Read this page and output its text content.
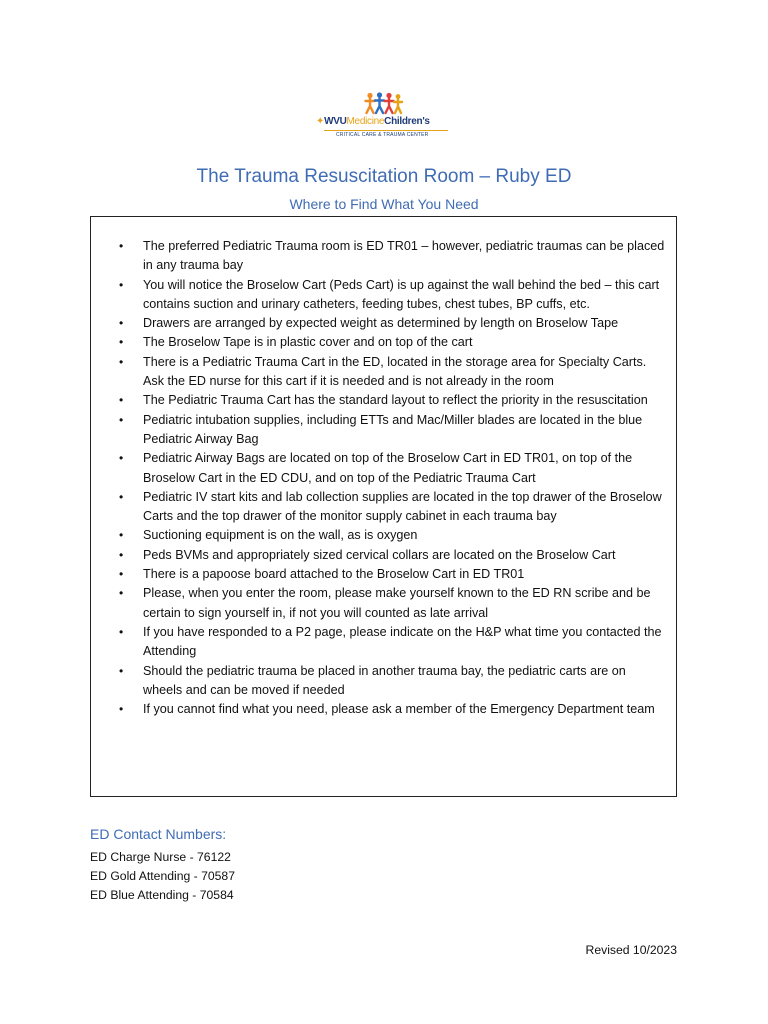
✦WVUMedicineChildren's
CRITICAL CARE & TRAUMA CENTER
The Trauma Resuscitation Room – Ruby ED
Where to Find What You Need
• The preferred Pediatric Trauma room is ED TR01 – however, pediatric traumas can be placed in any trauma bay
• You will notice the Broselow Cart (Peds Cart) is up against the wall behind the bed – this cart contains suction and urinary catheters, feeding tubes, chest tubes, BP cuffs, etc.
• Drawers are arranged by expected weight as determined by length on Broselow Tape
• The Broselow Tape is in plastic cover and on top of the cart
• There is a Pediatric Trauma Cart in the ED, located in the storage area for Specialty Carts. Ask the ED nurse for this cart if it is needed and is not already in the room
• The Pediatric Trauma Cart has the standard layout to reflect the priority in the resuscitation
• Pediatric intubation supplies, including ETTs and Mac/Miller blades are located in the blue Pediatric Airway Bag
• Pediatric Airway Bags are located on top of the Broselow Cart in ED TR01, on top of the Broselow Cart in the ED CDU, and on top of the Pediatric Trauma Cart
• Pediatric IV start kits and lab collection supplies are located in the top drawer of the Broselow Carts and the top drawer of the monitor supply cabinet in each trauma bay
• Suctioning equipment is on the wall, as is oxygen
• Peds BVMs and appropriately sized cervical collars are located on the Broselow Cart
• There is a papoose board attached to the Broselow Cart in ED TR01
• Please, when you enter the room, please make yourself known to the ED RN scribe and be certain to sign yourself in, if not you will counted as late arrival
• If you have responded to a P2 page, please indicate on the H&P what time you contacted the Attending
• Should the pediatric trauma be placed in another trauma bay, the pediatric carts are on wheels and can be moved if needed
• If you cannot find what you need, please ask a member of the Emergency Department team
ED Contact Numbers:
ED Charge Nurse - 76122
ED Gold Attending - 70587
ED Blue Attending - 70584
Revised 10/2023
